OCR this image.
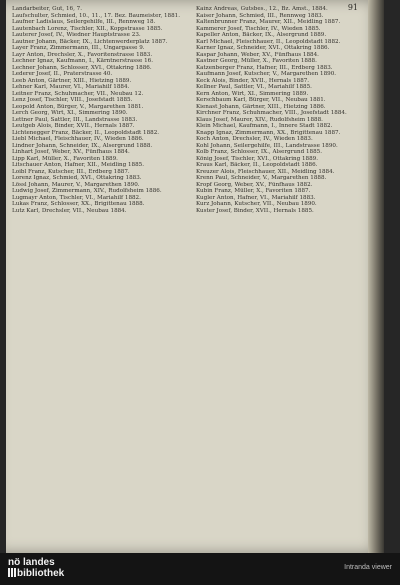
91

Landarbeiter, Gut, 16, 7.

Laufschulter, Schmied, 10., 11., 17. Bez. Baumeister, 1881.

Laufner Ladislaus, Seilergehilfe, III., Rennweg 18.

Lautenbach Lorenz, Tischler, XII., Koppstrasse 1885.

Lauterer Josef, IV., Wiedner Hauptstrasse 23.

Lautner Johann, Bäcker, IX., Lichtenwerderplatz 1887.

Layer Franz, Zimmermann, III., Ungargasse 9.

Layr Anton, Drechsler, X., Favoritenstrasse 1883.

Lechner Ignaz, Kaufmann, I., Kärntnerstrasse 16.

Lechner Johann, Schlosser, XVI., Ottakring 1886.

Lederer Josef, II., Praterstrasse 40.

Leeb Anton, Gärtner, XIII., Hietzing 1889.

Lehner Karl, Maurer, VI., Mariahilf 1884.

Leitner Franz, Schuhmacher, VII., Neubau 12.

Lenz Josef, Tischler, VIII., Josefstadt 1885.

Leopold Anton, Bürger, V., Margarethen 1881.

Lerch Georg, Wirt, XI., Simmering 1890.

Lettner Paul, Sattler, III., Landstrasse 1883.

Leutgeb Alois, Binder, XVII., Hernals 1887.

Lichtenegger Franz, Bäcker, II., Leopoldstadt 1882.

Liebl Michael, Fleischhauer, IV., Wieden 1886.

Lindner Johann, Schneider, IX., Alsergrund 1888.

Linhart Josef, Weber, XV., Fünfhaus 1884.

Lipp Karl, Müller, X., Favoriten 1889.

Litschauer Anton, Hafner, XII., Meidling 1885.

Loibl Franz, Kutscher, III., Erdberg 1887.

Lorenz Ignaz, Schmied, XVI., Ottakring 1883.

Lössl Johann, Maurer, V., Margarethen 1890.

Ludwig Josef, Zimmermann, XIV., Rudolfsheim 1886.

Lugmayr Anton, Tischler, VI., Mariahilf 1882.

Lukas Franz, Schlosser, XX., Brigittenau 1888.

Lutz Karl, Drechsler, VII., Neubau 1884.

Kainz Andreas, Gutsbes., 12., Bz. Amst., 1884.

Kaiser Johann, Schmied, III., Rennweg 1883.

Kaltenbrunner Franz, Maurer, XII., Meidling 1887.

Kammerer Josef, Tischler, IV., Wieden 1885.

Kapeller Anton, Bäcker, IX., Alsergrund 1889.

Karl Michael, Fleischhauer, II., Leopoldstadt 1882.

Karner Ignaz, Schneider, XVI., Ottakring 1886.

Kaspar Johann, Weber, XV., Fünfhaus 1884.

Kastner Georg, Müller, X., Favoriten 1888.

Katzenberger Franz, Hafner, III., Erdberg 1883.

Kaufmann Josef, Kutscher, V., Margarethen 1890.

Keck Alois, Binder, XVII., Hernals 1887.

Kellner Paul, Sattler, VI., Mariahilf 1885.

Kern Anton, Wirt, XI., Simmering 1889.

Kerschbaum Karl, Bürger, VII., Neubau 1881.

Kienast Johann, Gärtner, XIII., Hietzing 1886.

Kirchner Franz, Schuhmacher, VIII., Josefstadt 1884.

Klaus Josef, Maurer, XIV., Rudolfsheim 1888.

Klein Michael, Kaufmann, I., Innere Stadt 1882.

Knapp Ignaz, Zimmermann, XX., Brigittenau 1887.

Koch Anton, Drechsler, IV., Wieden 1883.

Kohl Johann, Seilergehilfe, III., Landstrasse 1890.

Kolb Franz, Schlosser, IX., Alsergrund 1885.

König Josef, Tischler, XVI., Ottakring 1889.

Kraus Karl, Bäcker, II., Leopoldstadt 1886.

Kreuzer Alois, Fleischhauer, XII., Meidling 1884.

Krenn Paul, Schneider, V., Margarethen 1888.

Kropf Georg, Weber, XV., Fünfhaus 1882.

Kubin Franz, Müller, X., Favoriten 1887.

Kugler Anton, Hafner, VI., Mariahilf 1883.

Kurz Johann, Kutscher, VII., Neubau 1890.

Kuster Josef, Binder, XVII., Hernals 1885.

nö landes
bibliothek
Intranda viewer
